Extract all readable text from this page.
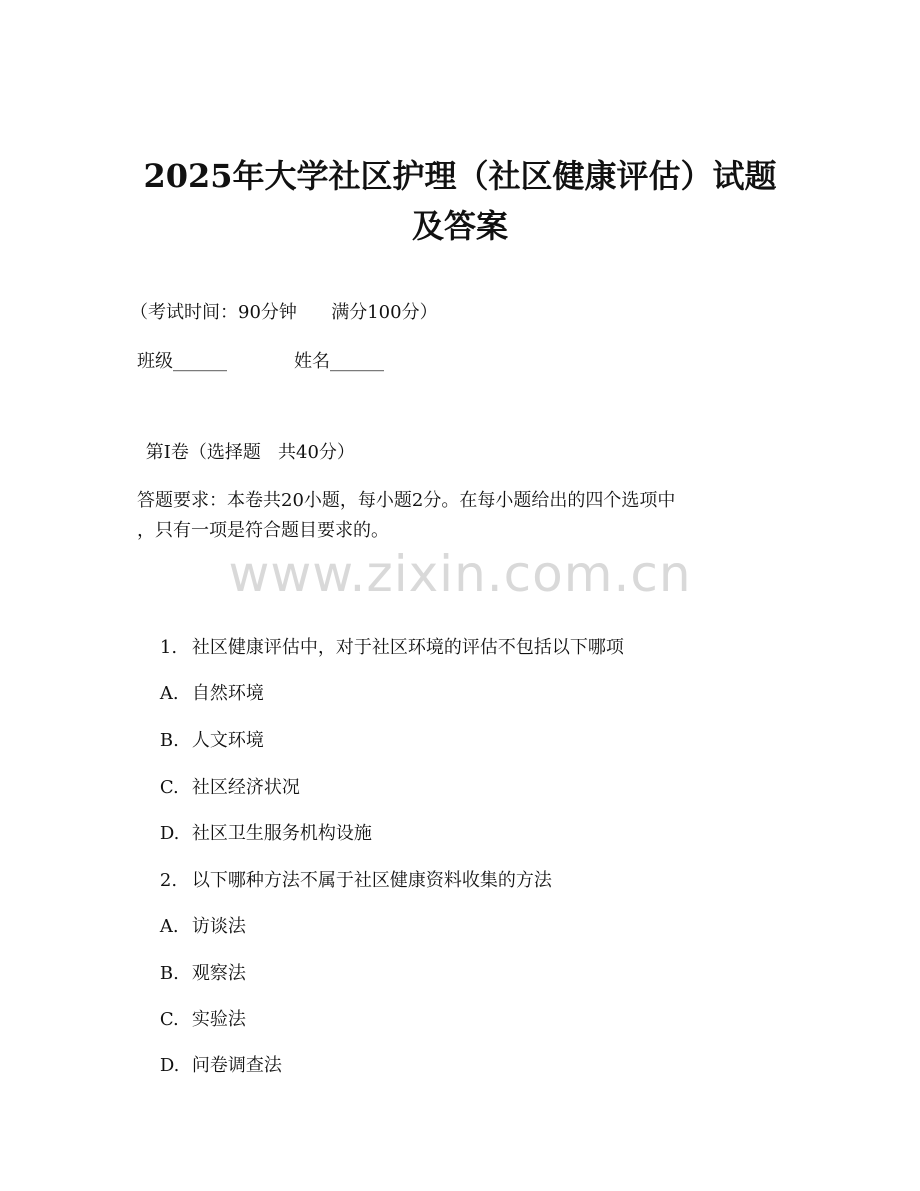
2025年大学社区护理（社区健康评估）试题
及答案
（考试时间：90分钟      满分100分）
班级______	姓名______
第I卷（选择题   共40分）
答题要求：本卷共20小题，每小题2分。在每小题给出的四个选项中
，只有一项是符合题目要求的。
www.zixin.com.cn

1. 社区健康评估中，对于社区环境的评估不包括以下哪项

A. 自然环境

B. 人文环境

C. 社区经济状况

D. 社区卫生服务机构设施

2. 以下哪种方法不属于社区健康资料收集的方法

A. 访谈法

B. 观察法

C. 实验法

D. 问卷调查法
